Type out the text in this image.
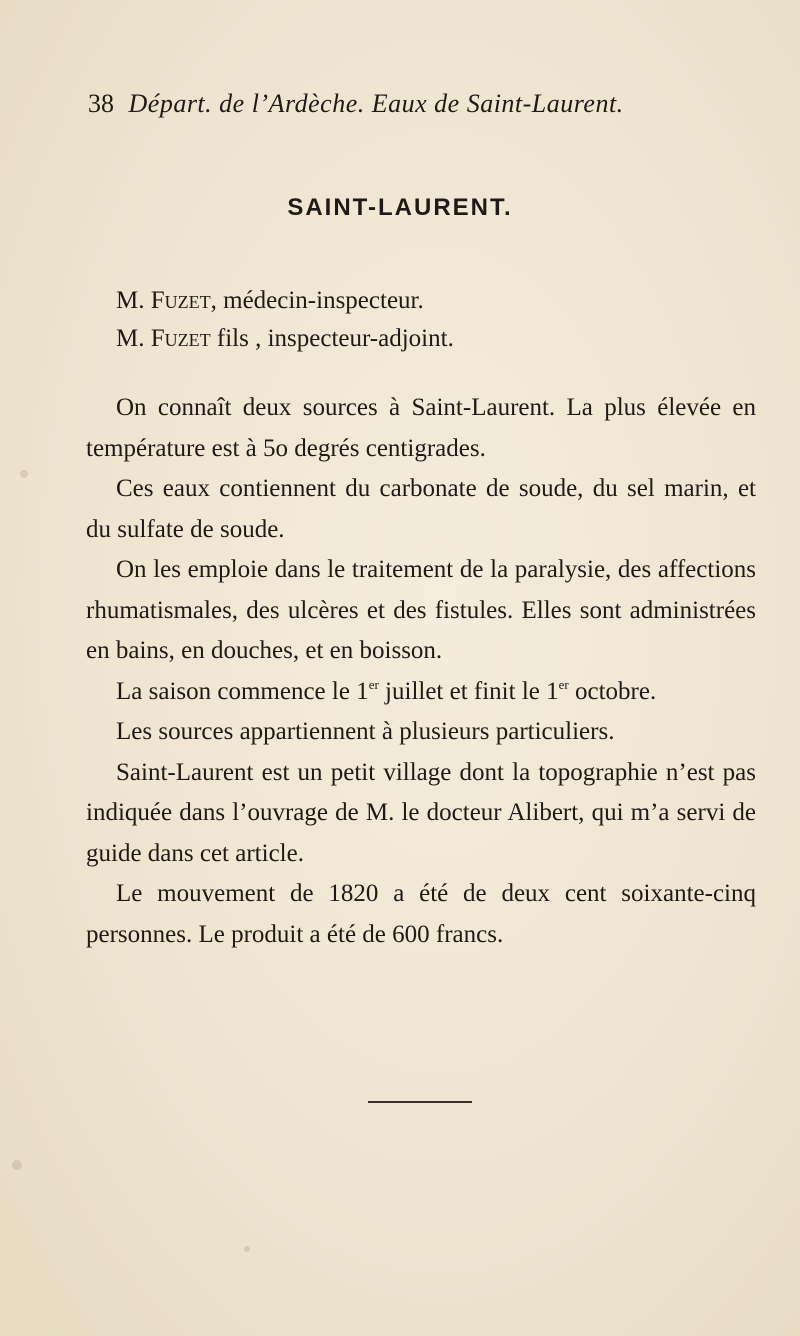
38 Départ. de l’Ardèche. Eaux de Saint-Laurent.
SAINT-LAURENT.

M. Fuzet, médecin-inspecteur.

M. Fuzet fils , inspecteur-adjoint.

On connaît deux sources à Saint-Laurent. La plus élevée en température est à 5o degrés centigrades.

Ces eaux contiennent du carbonate de soude, du sel marin, et du sulfate de soude.

On les emploie dans le traitement de la paralysie, des affections rhumatismales, des ulcères et des fistules. Elles sont administrées en bains, en douches, et en boisson.

La saison commence le 1er juillet et finit le 1er octobre.

Les sources appartiennent à plusieurs particuliers.

Saint-Laurent est un petit village dont la topographie n’est pas indiquée dans l’ouvrage de M. le docteur Alibert, qui m’a servi de guide dans cet article.

Le mouvement de 1820 a été de deux cent soixante-cinq personnes. Le produit a été de 600 francs.
